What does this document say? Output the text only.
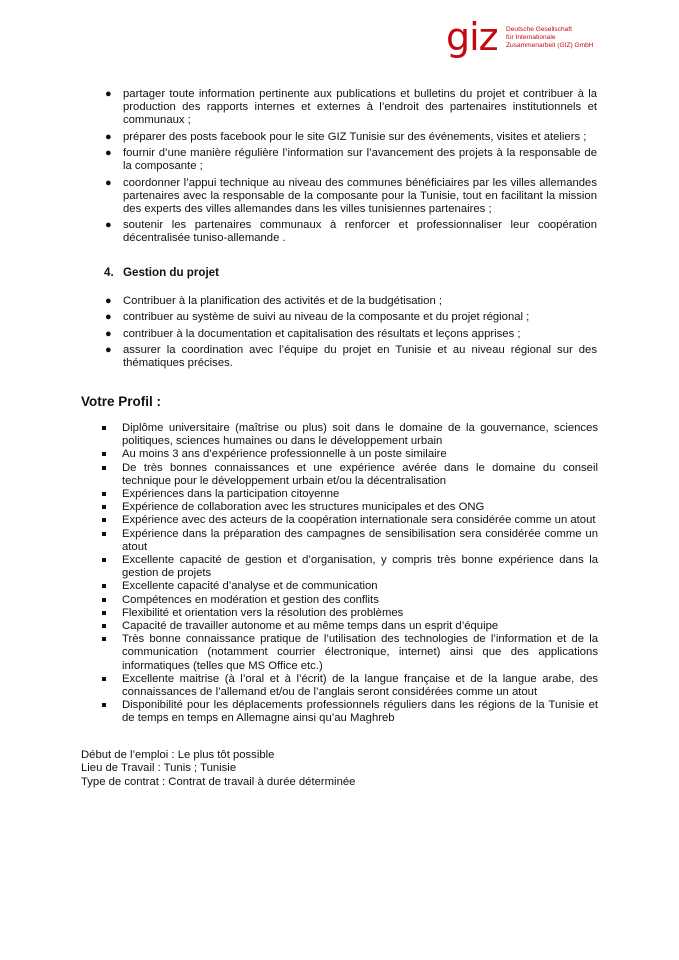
giz Deutsche Gesellschaft
für Internationale
Zusammenarbeit (GIZ) GmbH
● partager toute information pertinente aux publications et bulletins du projet et contribuer à la production des rapports internes et externes à l’endroit des partenaires institutionnels et communaux ;
● préparer des posts facebook pour le site GIZ Tunisie sur des événements, visites et ateliers ;
● fournir d’une manière régulière l’information sur l’avancement des projets à la responsable de la composante ;
● coordonner l’appui technique au niveau des communes bénéficiaires par les villes allemandes partenaires avec la responsable de la composante pour la Tunisie, tout en facilitant la mission des experts des villes allemandes dans les villes tunisiennes partenaires ;
● soutenir les partenaires communaux à renforcer et professionnaliser leur coopération décentralisée tuniso-allemande .
4. Gestion du projet
● Contribuer à la planification des activités et de la budgétisation ;
● contribuer au système de suivi au niveau de la composante et du projet régional ;
● contribuer à la documentation et capitalisation des résultats et leçons apprises ;
● assurer la coordination avec l’équipe du projet en Tunisie et au niveau régional sur des thématiques précises.
Votre Profil :
Diplôme universitaire (maîtrise ou plus) soit dans le domaine de la gouvernance, sciences politiques, sciences humaines ou dans le développement urbain
Au moins 3 ans d’expérience professionnelle à un poste similaire
De très bonnes connaissances et une expérience avérée dans le domaine du conseil technique pour le développement urbain et/ou la décentralisation
Expériences dans la participation citoyenne
Expérience de collaboration avec les structures municipales et des ONG
Expérience avec des acteurs de la coopération internationale sera considérée comme un atout
Expérience dans la préparation des campagnes de sensibilisation sera considérée comme un atout
Excellente capacité de gestion et d’organisation, y compris très bonne expérience dans la gestion de projets
Excellente capacité d’analyse et de communication
Compétences en modération et gestion des conflits
Flexibilité et orientation vers la résolution des problèmes
Capacité de travailler autonome et au même temps dans un esprit d’équipe
Très bonne connaissance pratique de l’utilisation des technologies de l’information et de la communication (notamment courrier électronique, internet) ainsi que des applications informatiques (telles que MS Office etc.)
Excellente maitrise (à l’oral et à l’écrit) de la langue française et de la langue arabe, des connaissances de l’allemand et/ou de l’anglais seront considérées comme un atout
Disponibilité pour les déplacements professionnels réguliers dans les régions de la Tunisie et de temps en temps en Allemagne ainsi qu’au Maghreb
Début de l’emploi : Le plus tôt possible
Lieu de Travail : Tunis ; Tunisie
Type de contrat : Contrat de travail à durée déterminée
